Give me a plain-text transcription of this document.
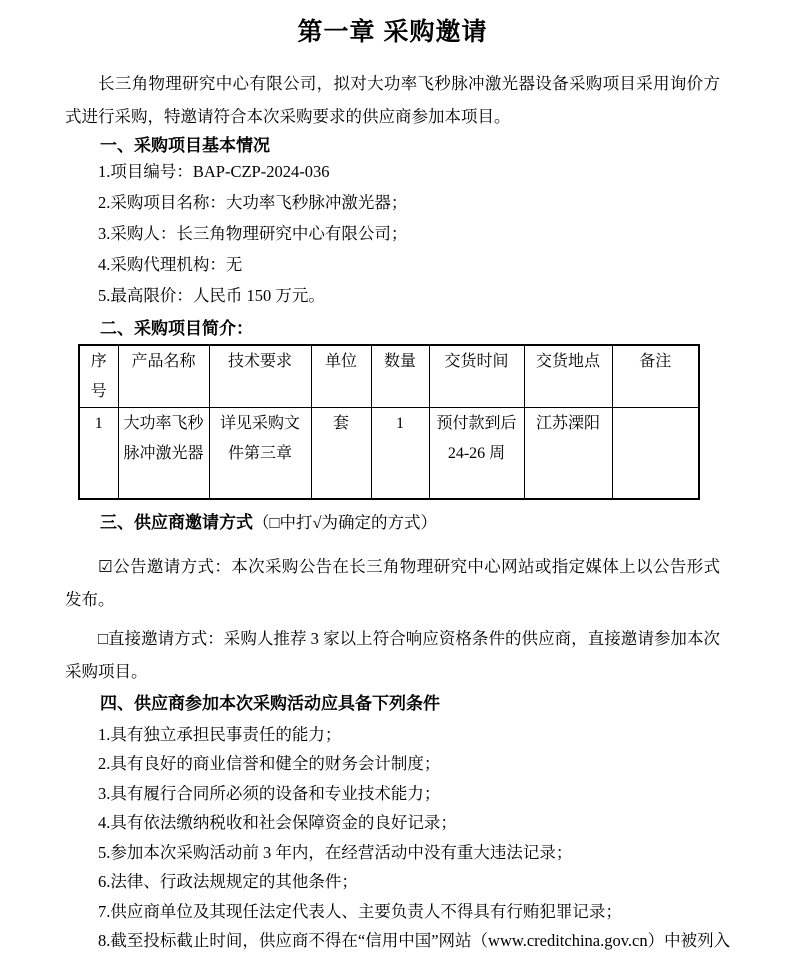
第一章 采购邀请

长三角物理研究中心有限公司，拟对大功率飞秒脉冲激光器设备采购项目采用询价方式进行采购，特邀请符合本次采购要求的供应商参加本项目。

一、采购项目基本情况

1.项目编号：BAP-CZP-2024-036

2.采购项目名称：大功率飞秒脉冲激光器；

3.采购人：长三角物理研究中心有限公司；

4.采购代理机构：无

5.最高限价：人民币 150 万元。

二、采购项目简介：
序号	产品名称	技术要求	单位	数量	交货时间	交货地点	备注
1	大功率飞秒脉冲激光器	详见采购文件第三章	套	1	预付款到后24-26 周	江苏溧阳	
三、供应商邀请方式（□中打√为确定的方式）

☑公告邀请方式：本次采购公告在长三角物理研究中心网站或指定媒体上以公告形式发布。

□直接邀请方式：采购人推荐 3 家以上符合响应资格条件的供应商，直接邀请参加本次采购项目。

四、供应商参加本次采购活动应具备下列条件

1.具有独立承担民事责任的能力；

2.具有良好的商业信誉和健全的财务会计制度；

3.具有履行合同所必须的设备和专业技术能力；

4.具有依法缴纳税收和社会保障资金的良好记录；

5.参加本次采购活动前 3 年内，在经营活动中没有重大违法记录；

6.法律、行政法规规定的其他条件；

7.供应商单位及其现任法定代表人、主要负责人不得具有行贿犯罪记录；

8.截至投标截止时间，供应商不得在“信用中国”网站（www.creditchina.gov.cn）中被列入
